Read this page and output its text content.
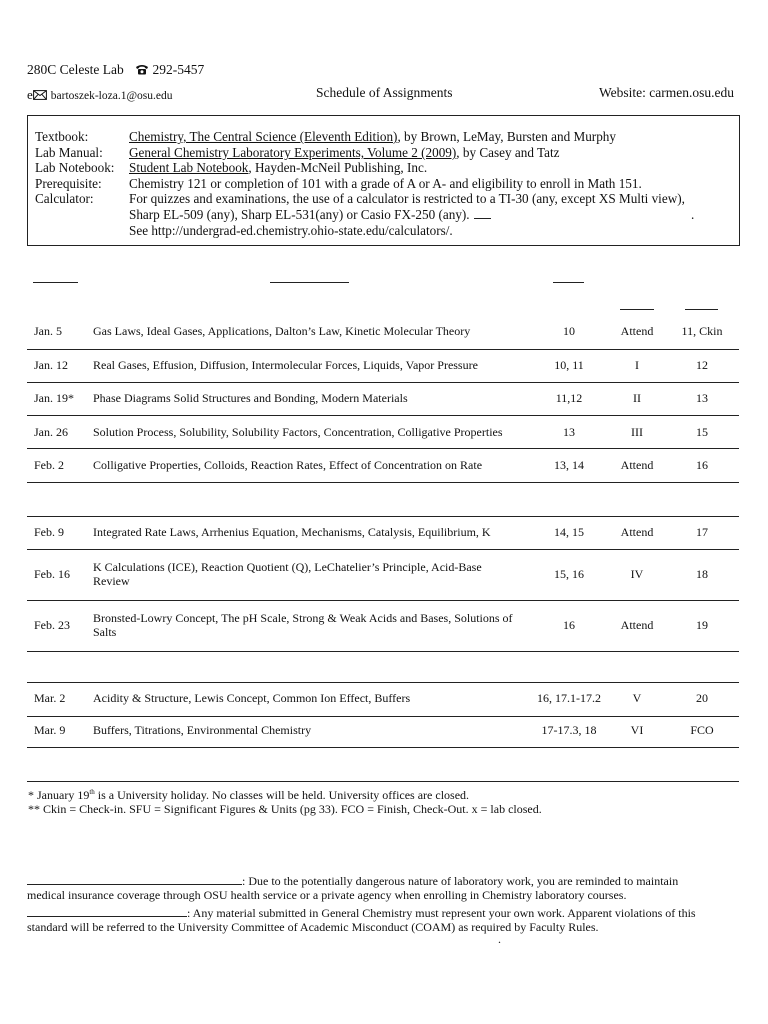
280C Celeste Lab 292-5457
e bartoszek-loza.1@osu.edu	Schedule of Assignments	Website: carmen.osu.edu
Textbook:	Chemistry, The Central Science (Eleventh Edition), by Brown, LeMay, Bursten and Murphy
Lab Manual: General Chemistry Laboratory Experiments, Volume 2 (2009), by Casey and Tatz
Lab Notebook: Student Lab Notebook, Hayden-McNeil Publishing, Inc.
Prerequisite: Chemistry 121 or completion of 101 with a grade of A or A- and eligibility to enroll in Math 151.
Calculator:	For quizzes and examinations, the use of a calculator is restricted to a TI-30 (any, except XS Multi view),
Sharp EL-509 (any), Sharp EL-531(any) or Casio FX-250 (any).	.
See http://undergrad-ed.chemistry.ohio-state.edu/calculators/.
Jan. 5	Gas Laws, Ideal Gases, Applications, Dalton’s Law, Kinetic Molecular Theory	10	Attend	11, Ckin
Jan. 12 Real Gases, Effusion, Diffusion, Intermolecular Forces, Liquids, Vapor Pressure	10, 11	I	12
Jan. 19* Phase Diagrams Solid Structures and Bonding, Modern Materials	11,12	II	13
Jan. 26 Solution Process, Solubility, Solubility Factors, Concentration, Colligative Properties	13	III	15
Feb. 2 Colligative Properties, Colloids, Reaction Rates, Effect of Concentration on Rate	13, 14	Attend	16
Feb. 9 Integrated Rate Laws, Arrhenius Equation, Mechanisms, Catalysis, Equilibrium, K	14, 15	Attend	17
Feb. 16 K Calculations (ICE), Reaction Quotient (Q), LeChatelier’s Principle, Acid-Base Review	15, 16	IV	18
Feb. 23 Bronsted-Lowry Concept, The pH Scale, Strong & Weak Acids and Bases, Solutions of Salts	16	Attend	19
Mar. 2 Acidity & Structure, Lewis Concept, Common Ion Effect, Buffers	16, 17.1-17.2	V	20
Mar. 9 Buffers, Titrations, Environmental Chemistry	17-17.3, 18	VI	FCO
* January 19th is a University holiday. No classes will be held. University offices are closed.
** Ckin = Check-in. SFU = Significant Figures & Units (pg 33). FCO = Finish, Check-Out. x = lab closed.
: Due to the potentially dangerous nature of laboratory work, you are reminded to maintain
medical insurance coverage through OSU health service or a private agency when enrolling in Chemistry laboratory courses.
: Any material submitted in General Chemistry must represent your own work. Apparent violations of this
standard will be referred to the University Committee of Academic Misconduct (COAM) as required by Faculty Rules.
.
